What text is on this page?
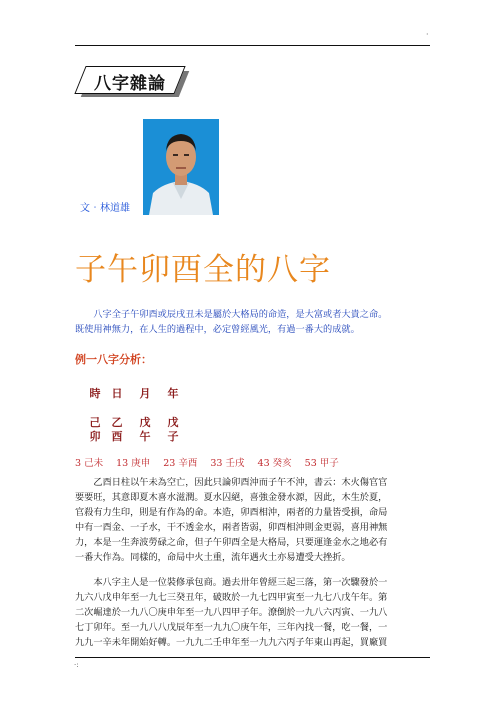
·
八字雜論
文‧林道雄
子午卯酉全的八字
　　八字全子午卯酉或辰戌丑未是屬於大格局的命造，是大富或者大貴之命。
既使用神無力，在人生的過程中，必定曾經風光，有過一番大的成就。
例一八字分析：
時 日 月 年
己 乙 戊 戊
卯 酉 午 子
3 己未 13 庚申 23 辛酉 33 壬戌 43 癸亥 53 甲子
　　乙酉日柱以午未為空亡，因此只論卯酉沖而子午不沖，書云：木火傷官官
要要旺，其意即夏木喜水滋潤。夏水囚絕，喜強金發水源，因此，木生於夏，
官殺有力生印，則是有作為的命。本造，卯酉相沖，兩者的力量皆受損，命局
中有一酉金、一子水，干不透金水，兩者皆弱，卯酉相沖則金更弱，喜用神無
力，本是一生奔波勞碌之命，但子午卯酉全是大格局，只要運逢金水之地必有
一番大作為。同樣的，命局中火土重，流年遇火土亦易遭受大挫折。
　　本八字主人是一位裝修承包商。過去卅年曾經三起三落，第一次驟發於一
九六八戊申年至一九七三癸丑年，破敗於一九七四甲寅至一九七八戊午年。第
二次崛達於一九八〇庚申年至一九八四甲子年。潦倒於一九八六丙寅、一九八
七丁卯年。至一九八八戊辰年至一九九〇庚午年，三年內找一餐，吃一餐，一
九九一辛未年開始好轉。一九九二壬申年至一九九六丙子年東山再起，買廠買
·:
